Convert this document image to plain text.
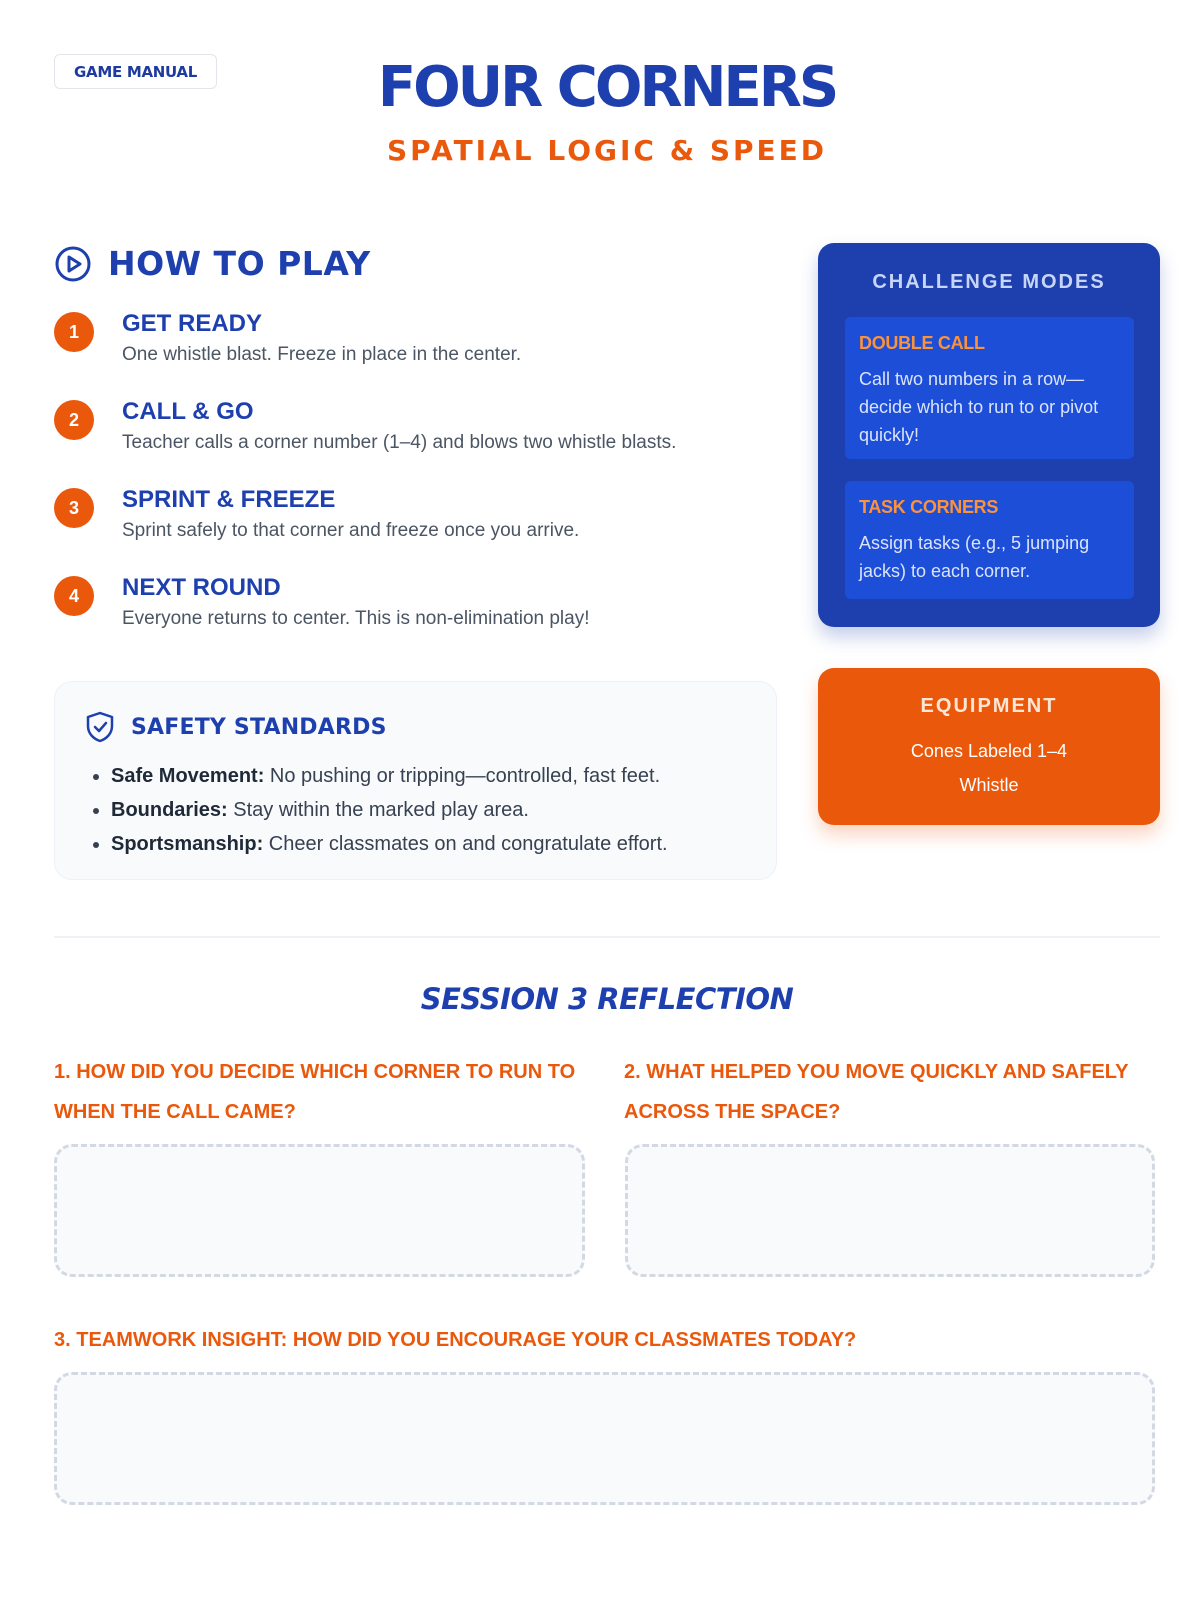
GAME MANUAL	FOUR CORNERS
SPATIAL LOGIC & SPEED
HOW TO PLAY
1	GET READY
One whistle blast. Freeze in place in the center.
2	CALL & GO
Teacher calls a corner number (1–4) and blows two whistle blasts.
3	SPRINT & FREEZE
Sprint safely to that corner and freeze once you arrive.
4	NEXT ROUND
Everyone returns to center. This is non-elimination play!
SAFETY STANDARDS
• Safe Movement: No pushing or tripping—controlled, fast feet.
• Boundaries: Stay within the marked play area.
• Sportsmanship: Cheer classmates on and congratulate effort.
CHALLENGE MODES
DOUBLE CALL
Call two numbers in a row—decide which to run to or pivot quickly!
TASK CORNERS
Assign tasks (e.g., 5 jumping jacks) to each corner.
EQUIPMENT
Cones Labeled 1–4
Whistle
SESSION 3 REFLECTION
1. HOW DID YOU DECIDE WHICH CORNER TO RUN TO WHEN THE CALL CAME?
2. WHAT HELPED YOU MOVE QUICKLY AND SAFELY ACROSS THE SPACE?
3. TEAMWORK INSIGHT: HOW DID YOU ENCOURAGE YOUR CLASSMATES TODAY?
